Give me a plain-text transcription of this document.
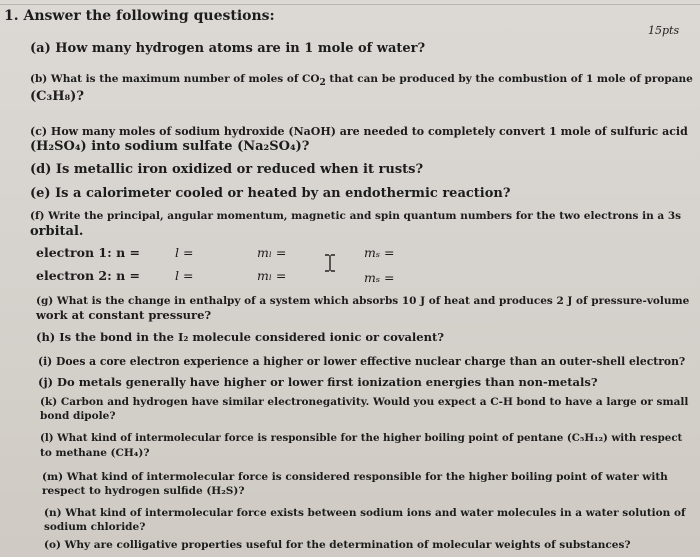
1. Answer the following questions:
15pts
(a) How many hydrogen atoms are in 1 mole of water?
(b) What is the maximum number of moles of $CO_2$ that can be produced by the combustion of 1 mole of propane
(C₃H₈)?
(c) How many moles of sodium hydroxide (NaOH) are needed to completely convert 1 mole of sulfuric acid
(H₂SO₄) into sodium sulfate (Na₂SO₄)?
(d) Is metallic iron oxidized or reduced when it rusts?
(e) Is a calorimeter cooled or heated by an endothermic reaction?
(f) Write the principal, angular momentum, magnetic and spin quantum numbers for the two electrons in a 3s
orbital.
electron 1: n =	l =	mₗ =	mₛ =
electron 2: n =	l =	mₗ =	mₛ =
(g) What is the change in enthalpy of a system which absorbs 10 J of heat and produces 2 J of pressure-volume
work at constant pressure?
(h) Is the bond in the I₂ molecule considered ionic or covalent?
(i) Does a core electron experience a higher or lower effective nuclear charge than an outer-shell electron?
(j) Do metals generally have higher or lower first ionization energies than non-metals?
(k) Carbon and hydrogen have similar electronegativity. Would you expect a C-H bond to have a large or small
bond dipole?
(l) What kind of intermolecular force is responsible for the higher boiling point of pentane (C₅H₁₂) with respect
to methane (CH₄)?
(m) What kind of intermolecular force is considered responsible for the higher boiling point of water with
respect to hydrogen sulfide (H₂S)?
(n) What kind of intermolecular force exists between sodium ions and water molecules in a water solution of
sodium chloride?
(o) Why are colligative properties useful for the determination of molecular weights of substances?
